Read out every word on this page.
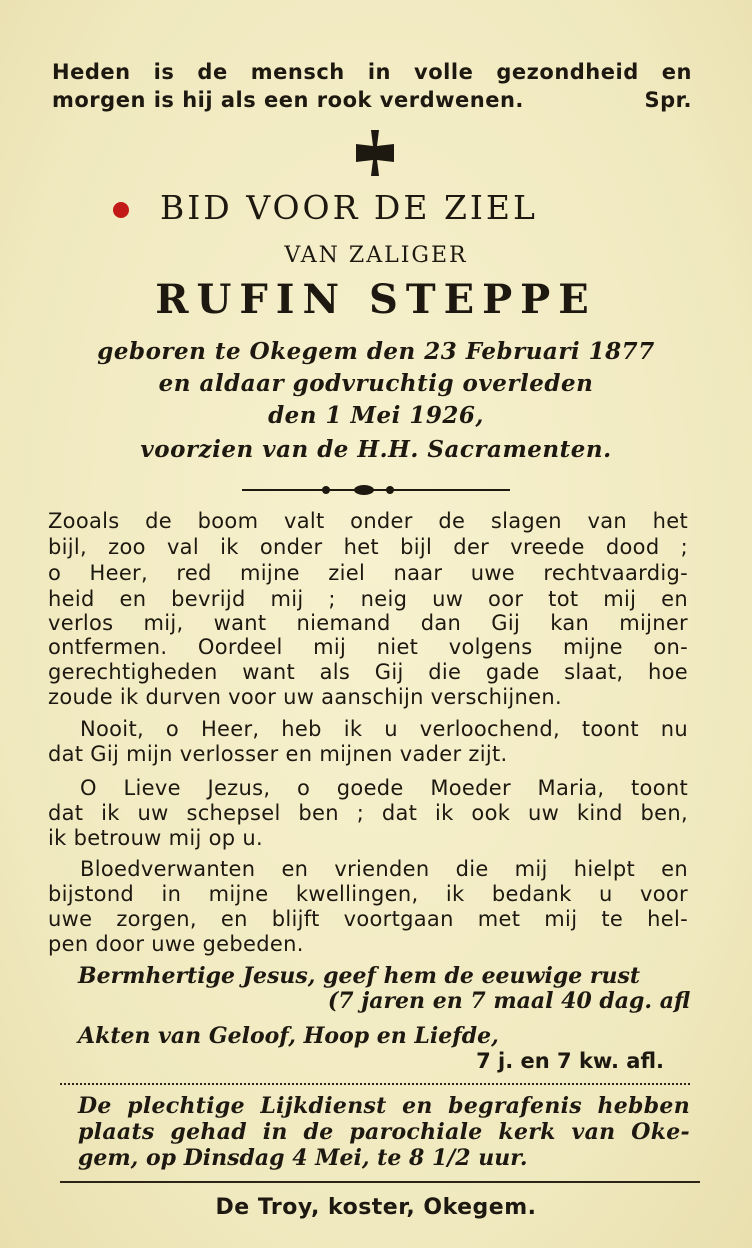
Heden is de mensch in volle gezondheid en
morgen is hij als een rook verdwenen.	Spr.
BID VOOR DE ZIEL
VAN ZALIGER
RUFIN STEPPE
geboren te Okegem den 23 Februari 1877
en aldaar godvruchtig overleden
den 1 Mei 1926,
voorzien van de H.H. Sacramenten.
Zooals de boom valt onder de slagen van het
bijl, zoo val ik onder het bijl der vreede dood ;
o Heer, red mijne ziel naar uwe rechtvaardig-
heid en bevrijd mij ; neig uw oor tot mij en
verlos mij, want niemand dan Gij kan mijner
ontfermen. Oordeel mij niet volgens mijne on-
gerechtigheden want als Gij die gade slaat, hoe
zoude ik durven voor uw aanschijn verschijnen.
Nooit, o Heer, heb ik u verloochend, toont nu
dat Gij mijn verlosser en mijnen vader zijt.
O Lieve Jezus, o goede Moeder Maria, toont
dat ik uw schepsel ben ; dat ik ook uw kind ben,
ik betrouw mij op u.
Bloedverwanten en vrienden die mij hielpt en
bijstond in mijne kwellingen, ik bedank u voor
uwe zorgen, en blijft voortgaan met mij te hel-
pen door uwe gebeden.
Bermhertige Jesus, geef hem de eeuwige rust
(7 jaren en 7 maal 40 dag. afl
Akten van Geloof, Hoop en Liefde,
7 j. en 7 kw. afl.
De plechtige Lijkdienst en begrafenis hebben
plaats gehad in de parochiale kerk van Oke-
gem, op Dinsdag 4 Mei, te 8 1/2 uur.
De Troy, koster, Okegem.
